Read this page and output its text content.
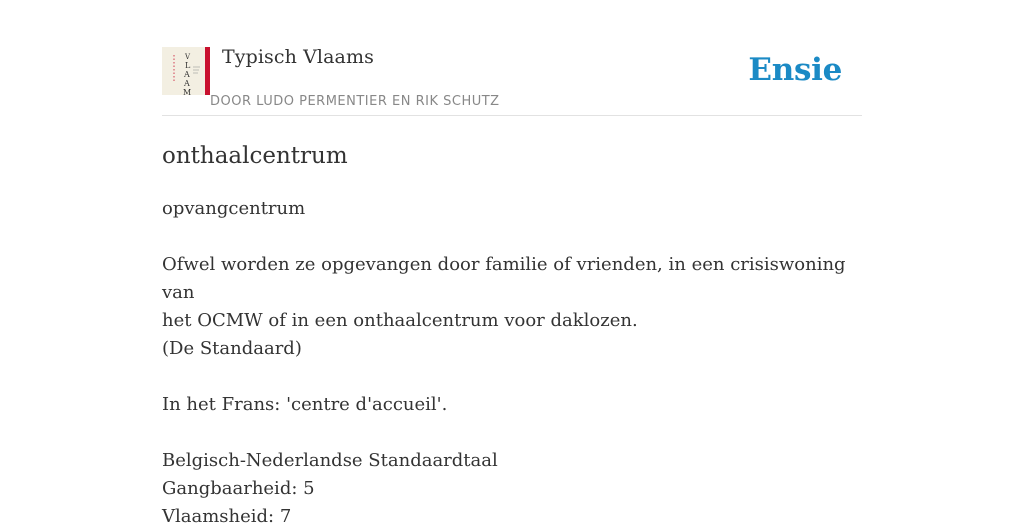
V
L
A
A
M
Typisch Vlaams
DOOR LUDO PERMENTIER EN RIK SCHUTZ
Ensie
onthaalcentrum

opvangcentrum

Ofwel worden ze opgevangen door familie of vrienden, in een crisiswoning van

het OCMW of in een onthaalcentrum voor daklozen.

(De Standaard)

In het Frans: 'centre d'accueil'.

Belgisch-Nederlandse Standaardtaal

Gangbaarheid: 5

Vlaamsheid: 7
